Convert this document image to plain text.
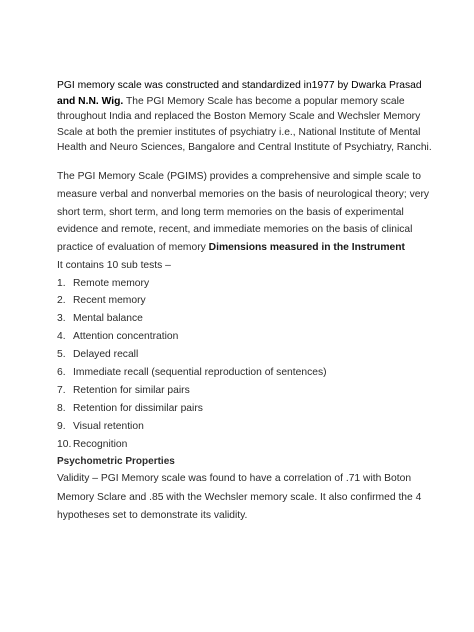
PGI memory scale was constructed and standardized in1977 by Dwarka Prasad and N.N. Wig. The PGI Memory Scale has become a popular memory scale throughout India and replaced the Boston Memory Scale and Wechsler Memory Scale at both the premier institutes of psychiatry i.e., National Institute of Mental Health and Neuro Sciences, Bangalore and Central Institute of Psychiatry, Ranchi.

The PGI Memory Scale (PGIMS) provides a comprehensive and simple scale to measure verbal and nonverbal memories on the basis of neurological theory; very short term, short term, and long term memories on the basis of experimental evidence and remote, recent, and immediate memories on the basis of clinical practice of evaluation of memory Dimensions measured in the Instrument

It contains 10 sub tests –

1. Remote memory
2. Recent memory
3. Mental balance
4. Attention concentration
5. Delayed recall
6. Immediate recall (sequential reproduction of sentences)
7. Retention for similar pairs
8. Retention for dissimilar pairs
9. Visual retention
10. Recognition

Psychometric Properties

Validity – PGI Memory scale was found to have a correlation of .71 with Boton Memory Sclare and .85 with the Wechsler memory scale. It also confirmed the 4 hypotheses set to demonstrate its validity.
